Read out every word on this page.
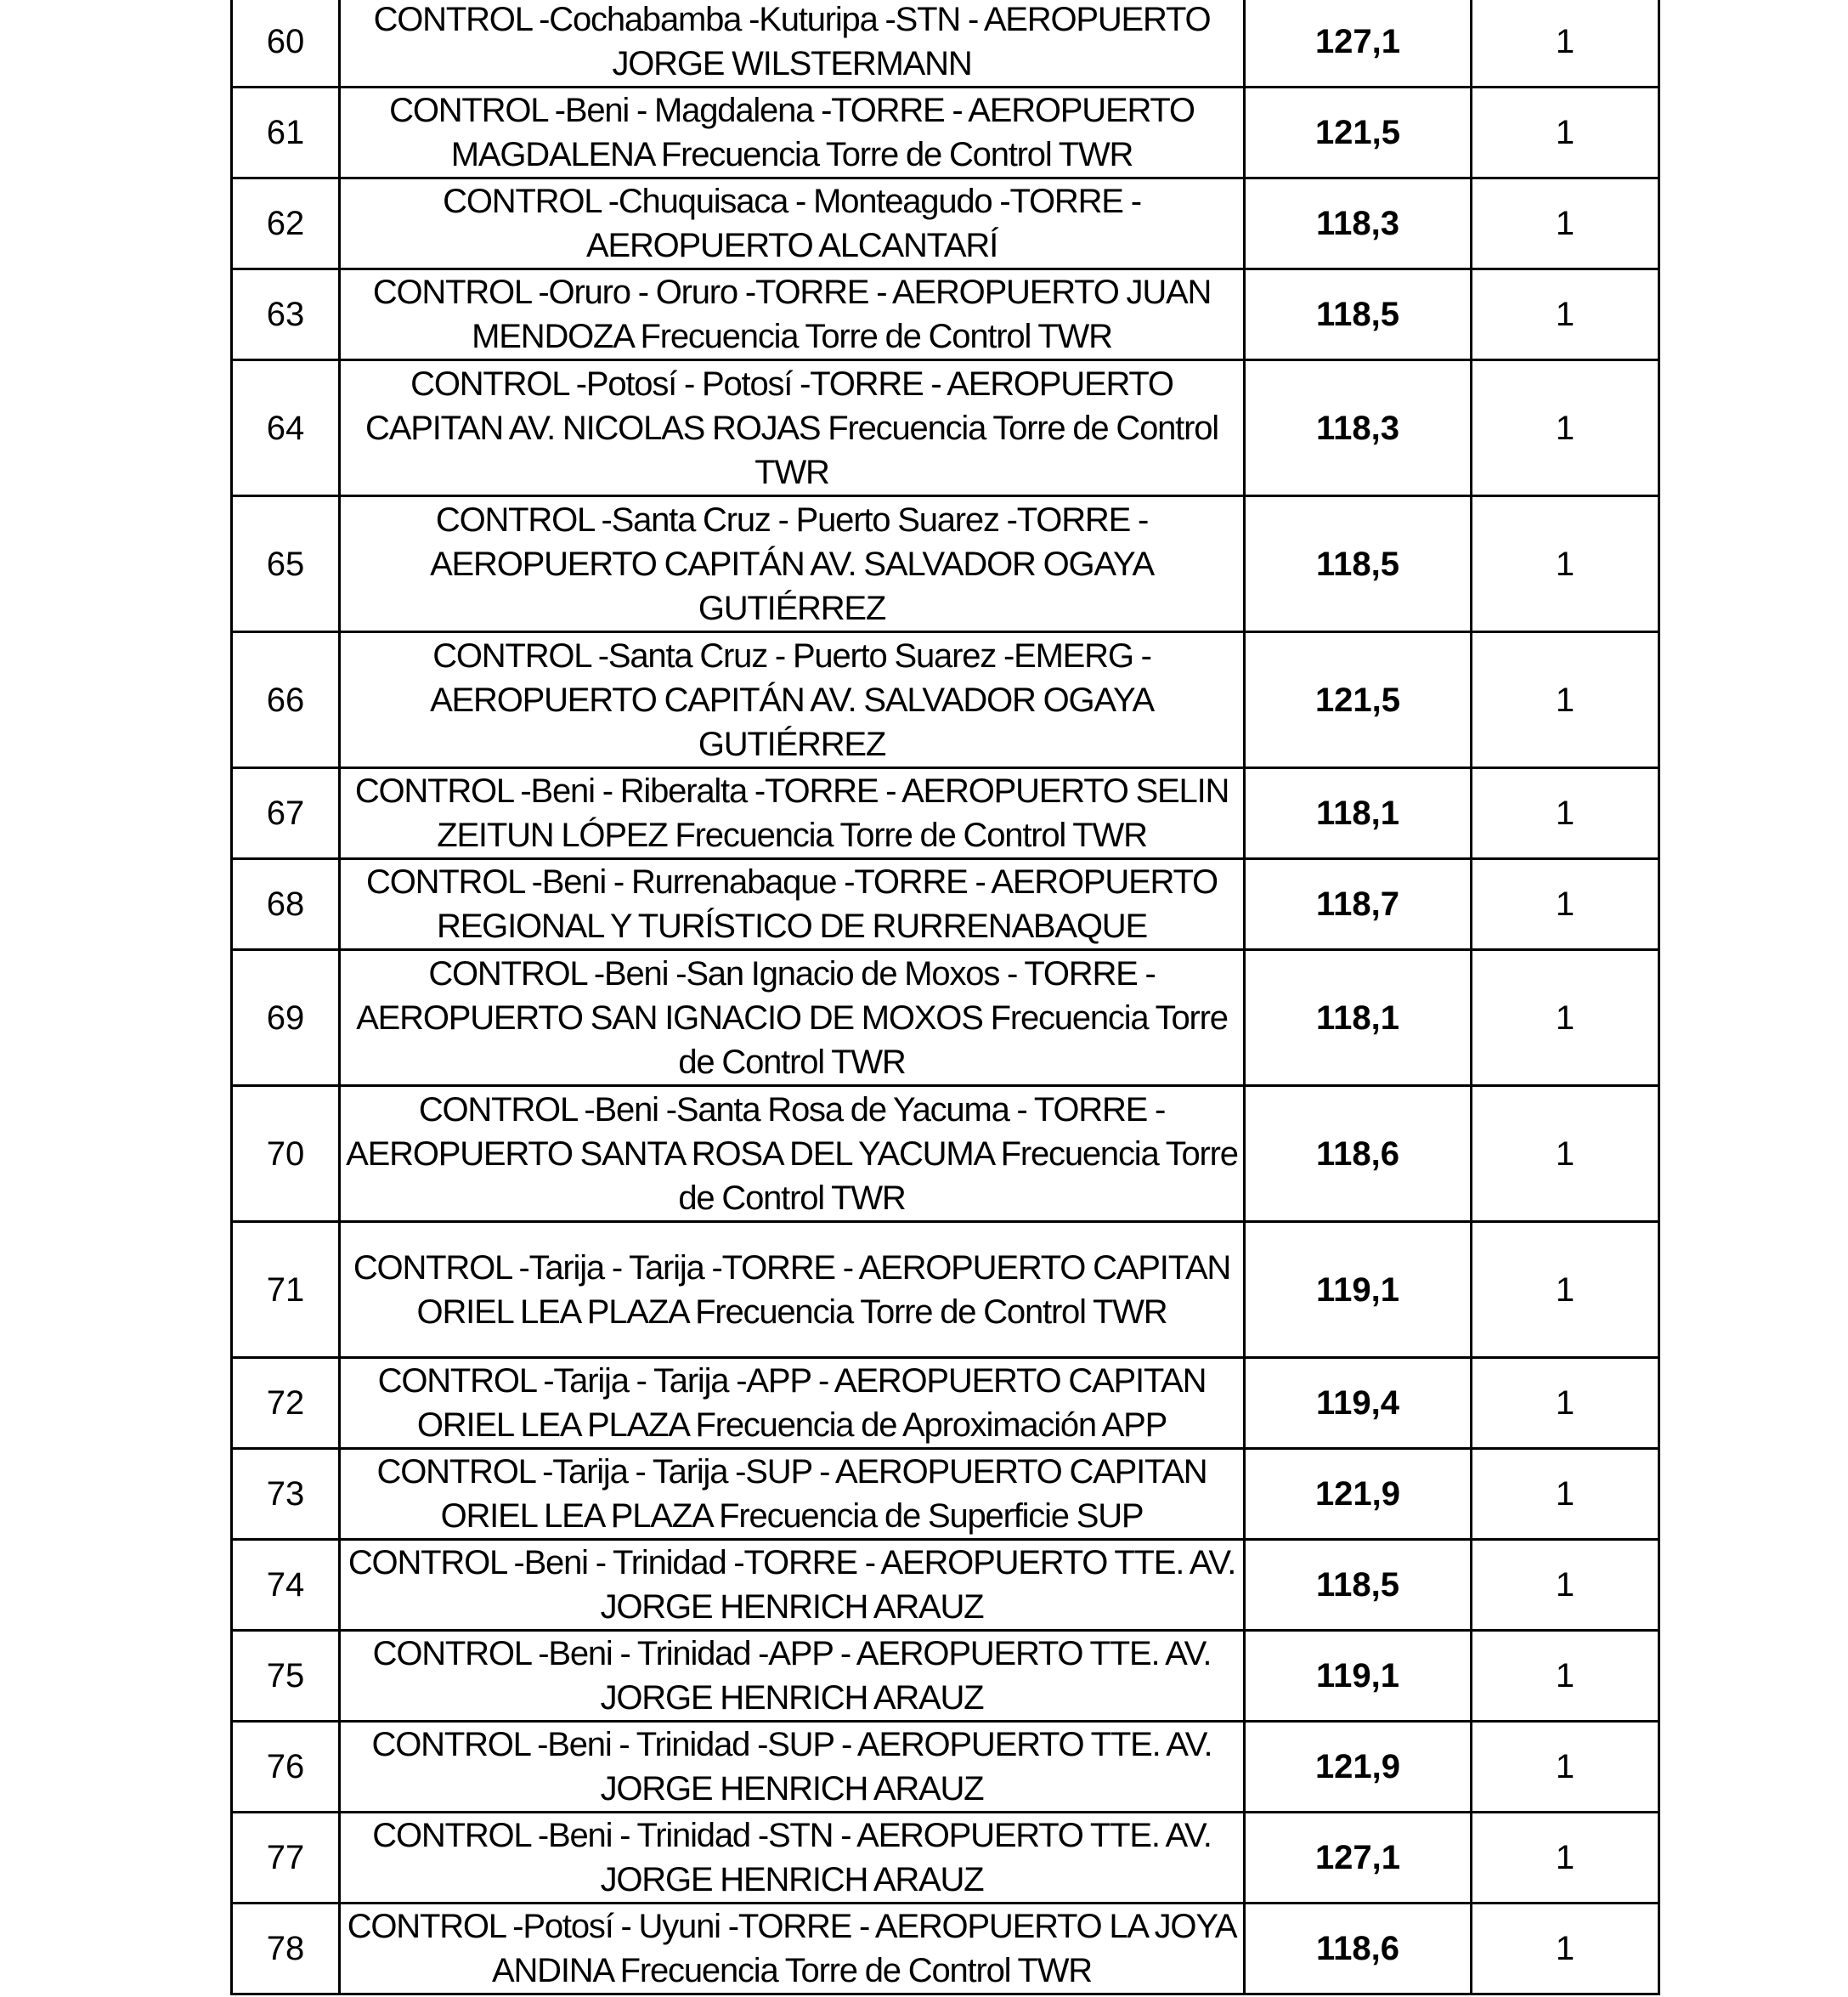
60	CONTROL -Cochabamba -Kuturipa -STN - AEROPUERTO JORGE WILSTERMANN	127,1	1
61	CONTROL -Beni - Magdalena -TORRE - AEROPUERTO MAGDALENA Frecuencia Torre de Control TWR	121,5	1
62	CONTROL -Chuquisaca - Monteagudo -TORRE - AEROPUERTO ALCANTARÍ	118,3	1
63	CONTROL -Oruro - Oruro -TORRE - AEROPUERTO JUAN MENDOZA Frecuencia Torre de Control TWR	118,5	1
64	CONTROL -Potosí - Potosí -TORRE - AEROPUERTO CAPITAN AV. NICOLAS ROJAS Frecuencia Torre de Control TWR	118,3	1
65	CONTROL -Santa Cruz - Puerto Suarez -TORRE - AEROPUERTO CAPITÁN AV. SALVADOR OGAYA GUTIÉRREZ	118,5	1
66	CONTROL -Santa Cruz - Puerto Suarez -EMERG - AEROPUERTO CAPITÁN AV. SALVADOR OGAYA GUTIÉRREZ	121,5	1
67	CONTROL -Beni - Riberalta -TORRE - AEROPUERTO SELIN ZEITUN LÓPEZ Frecuencia Torre de Control TWR	118,1	1
68	CONTROL -Beni - Rurrenabaque -TORRE - AEROPUERTO REGIONAL Y TURÍSTICO DE RURRENABAQUE	118,7	1
69	CONTROL -Beni -San Ignacio de Moxos - TORRE - AEROPUERTO SAN IGNACIO DE MOXOS Frecuencia Torre de Control TWR	118,1	1
70	CONTROL -Beni -Santa Rosa de Yacuma - TORRE - AEROPUERTO SANTA ROSA DEL YACUMA Frecuencia Torre de Control TWR	118,6	1
71	CONTROL -Tarija - Tarija -TORRE - AEROPUERTO CAPITAN ORIEL LEA PLAZA Frecuencia Torre de Control TWR	119,1	1
72	CONTROL -Tarija - Tarija -APP - AEROPUERTO CAPITAN ORIEL LEA PLAZA Frecuencia de Aproximación APP	119,4	1
73	CONTROL -Tarija - Tarija -SUP - AEROPUERTO CAPITAN ORIEL LEA PLAZA Frecuencia de Superficie SUP	121,9	1
74	CONTROL -Beni - Trinidad -TORRE - AEROPUERTO TTE. AV. JORGE HENRICH ARAUZ	118,5	1
75	CONTROL -Beni - Trinidad -APP - AEROPUERTO TTE. AV. JORGE HENRICH ARAUZ	119,1	1
76	CONTROL -Beni - Trinidad -SUP - AEROPUERTO TTE. AV. JORGE HENRICH ARAUZ	121,9	1
77	CONTROL -Beni - Trinidad -STN - AEROPUERTO TTE. AV. JORGE HENRICH ARAUZ	127,1	1
78	CONTROL -Potosí - Uyuni -TORRE - AEROPUERTO LA JOYA ANDINA Frecuencia Torre de Control TWR	118,6	1
